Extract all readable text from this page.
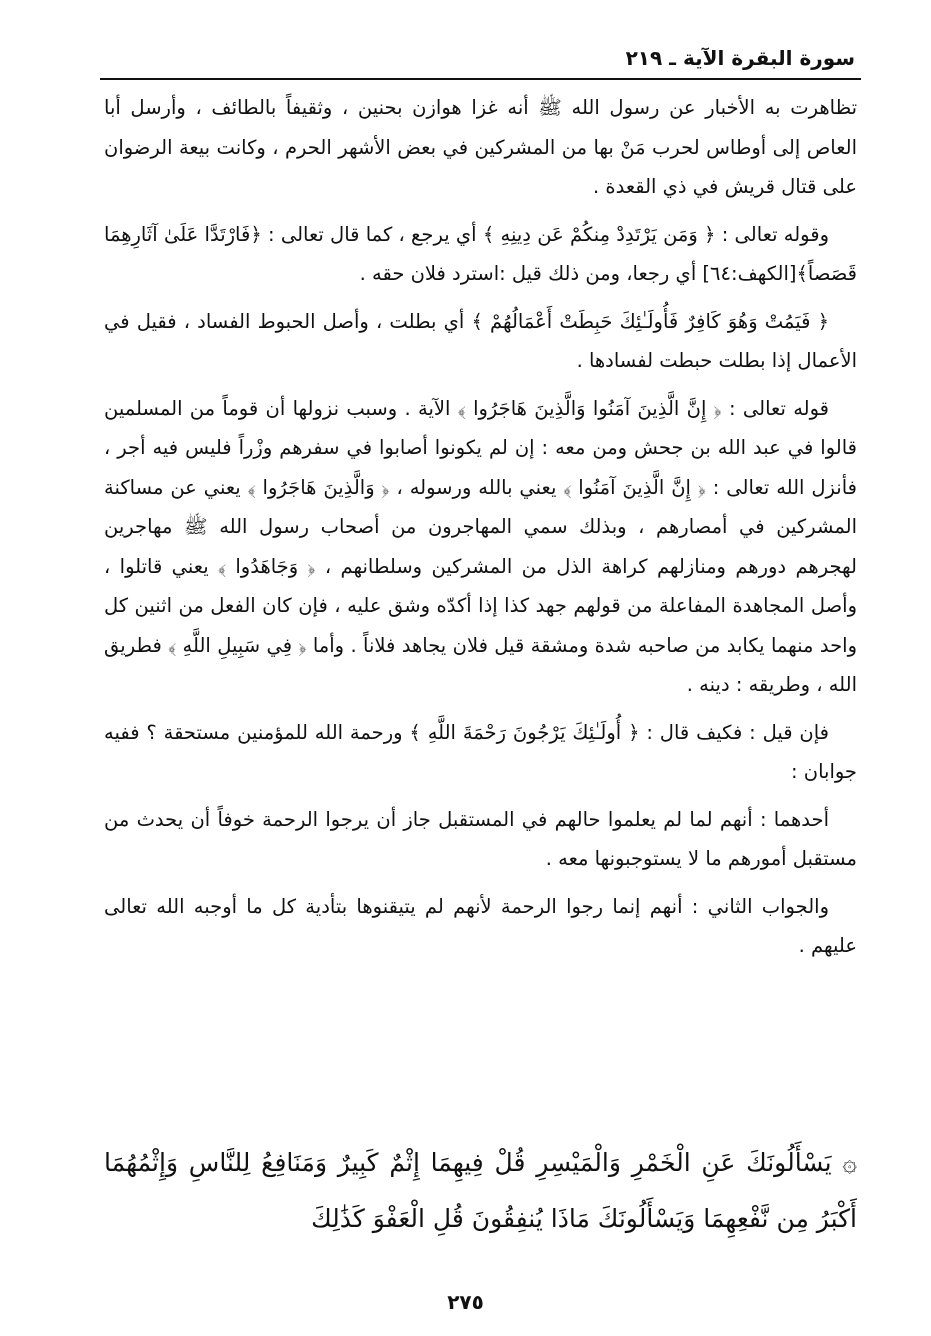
سورة البقرة الآية ـ ٢١٩

تظاهرت به الأخبار عن رسول الله ﷺ أنه غزا هوازن بحنين ، وثقيفاً بالطائف ، وأرسل أبا العاص إلى أوطاس لحرب مَنْ بها من المشركين في بعض الأشهر الحرم ، وكانت بيعة الرضوان على قتال قريش في ذي القعدة .

وقوله تعالى : ﴿ وَمَن يَرْتَدِدْ مِنكُمْ عَن دِينِهِ ﴾ أي يرجع ، كما قال تعالى : ﴿فَارْتَدَّا عَلَىٰ آثَارِهِمَا قَصَصاً﴾[الكهف:٦٤] أي رجعا، ومن ذلك قيل :استرد فلان حقه .

﴿ فَيَمُتْ وَهُوَ كَافِرٌ فَأُولَـٰئِكَ حَبِطَتْ أَعْمَالُهُمْ ﴾ أي بطلت ، وأصل الحبوط الفساد ، فقيل في الأعمال إذا بطلت حبطت لفسادها .

قوله تعالى : ﴿ إِنَّ الَّذِينَ آمَنُوا وَالَّذِينَ هَاجَرُوا ﴾ الآية . وسبب نزولها أن قوماً من المسلمين قالوا في عبد الله بن جحش ومن معه : إن لم يكونوا أصابوا في سفرهم وزْراً فليس فيه أجر ، فأنزل الله تعالى : ﴿ إِنَّ الَّذِينَ آمَنُوا ﴾ يعني بالله ورسوله ، ﴿ وَالَّذِينَ هَاجَرُوا ﴾ يعني عن مساكنة المشركين في أمصارهم ، وبذلك سمي المهاجرون من أصحاب رسول الله ﷺ مهاجرين لهجرهم دورهم ومنازلهم كراهة الذل من المشركين وسلطانهم ، ﴿ وَجَاهَدُوا ﴾ يعني قاتلوا ، وأصل المجاهدة المفاعلة من قولهم جهد كذا إذا أكدّه وشق عليه ، فإن كان الفعل من اثنين كل واحد منهما يكابد من صاحبه شدة ومشقة قيل فلان يجاهد فلاناً . وأما ﴿ فِي سَبِيلِ اللَّهِ ﴾ فطريق الله ، وطريقه : دينه .

فإن قيل : فكيف قال : ﴿ أُولَـٰئِكَ يَرْجُونَ رَحْمَةَ اللَّهِ ﴾ ورحمة الله للمؤمنين مستحقة ؟ ففيه جوابان :

أحدهما : أنهم لما لم يعلموا حالهم في المستقبل جاز أن يرجوا الرحمة خوفاً أن يحدث من مستقبل أمورهم ما لا يستوجبونها معه .

والجواب الثاني : أنهم إنما رجوا الرحمة لأنهم لم يتيقنوها بتأدية كل ما أوجبه الله تعالى عليهم .

۞ يَسْأَلُونَكَ عَنِ الْخَمْرِ وَالْمَيْسِرِ قُلْ فِيهِمَا إِثْمٌ كَبِيرٌ وَمَنَافِعُ لِلنَّاسِ وَإِثْمُهُمَا أَكْبَرُ مِن نَّفْعِهِمَا وَيَسْأَلُونَكَ مَاذَا يُنفِقُونَ قُلِ الْعَفْوَ كَذَٰلِكَ
٢٧٥
